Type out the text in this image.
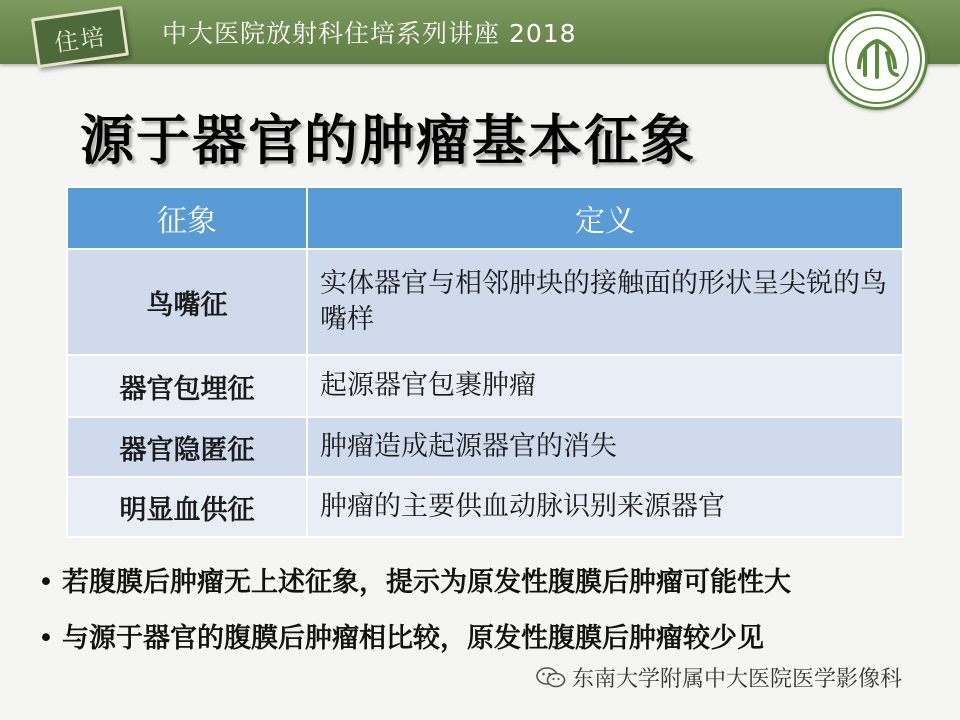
住培 中大医院放射科住培系列讲座 2018
源于器官的肿瘤基本征象
征象	定义
鸟嘴征	实体器官与相邻肿块的接触面的形状呈尖锐的鸟嘴样
器官包埋征	起源器官包裹肿瘤
器官隐匿征	肿瘤造成起源器官的消失
明显血供征	肿瘤的主要供血动脉识别来源器官
• 若腹膜后肿瘤无上述征象，提示为原发性腹膜后肿瘤可能性大
• 与源于器官的腹膜后肿瘤相比较，原发性腹膜后肿瘤较少见
东南大学附属中大医院医学影像科
